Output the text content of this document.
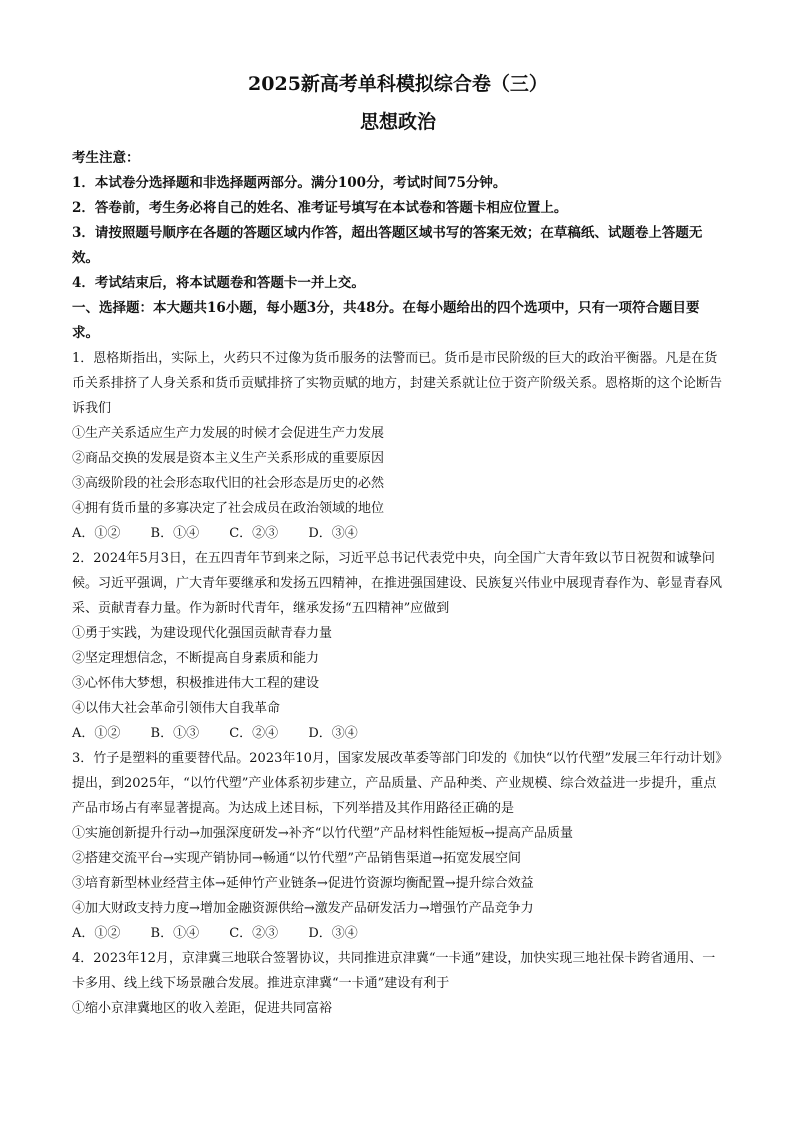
2025新高考单科模拟综合卷（三）
思想政治
考生注意：
1．本试卷分选择题和非选择题两部分。满分100分，考试时间75分钟。
2．答卷前，考生务必将自己的姓名、准考证号填写在本试卷和答题卡相应位置上。
3．请按照题号顺序在各题的答题区域内作答，超出答题区域书写的答案无效；在草稿纸、试题卷上答题无效。
4．考试结束后，将本试题卷和答题卡一并上交。
一、选择题：本大题共16小题，每小题3分，共48分。在每小题给出的四个选项中，只有一项符合题目要求。
1．恩格斯指出，实际上，火药只不过像为货币服务的法警而已。货币是市民阶级的巨大的政治平衡器。凡是在货币关系排挤了人身关系和货币贡赋排挤了实物贡赋的地方，封建关系就让位于资产阶级关系。恩格斯的这个论断告诉我们
①生产关系适应生产力发展的时候才会促进生产力发展
②商品交换的发展是资本主义生产关系形成的重要原因
③高级阶段的社会形态取代旧的社会形态是历史的必然
④拥有货币量的多寡决定了社会成员在政治领域的地位
A．①② B．①④ C．②③ D．③④
2．2024年5月3日，在五四青年节到来之际，习近平总书记代表党中央，向全国广大青年致以节日祝贺和诚挚问候。习近平强调，广大青年要继承和发扬五四精神，在推进强国建设、民族复兴伟业中展现青春作为、彰显青春风采、贡献青春力量。作为新时代青年，继承发扬“五四精神”应做到
①勇于实践，为建设现代化强国贡献青春力量
②坚定理想信念，不断提高自身素质和能力
③心怀伟大梦想，积极推进伟大工程的建设
④以伟大社会革命引领伟大自我革命
A．①② B．①③ C．②④ D．③④
3．竹子是塑料的重要替代品。2023年10月，国家发展改革委等部门印发的《加快“以竹代塑”发展三年行动计划》提出，到2025年，“以竹代塑”产业体系初步建立，产品质量、产品种类、产业规模、综合效益进一步提升，重点产品市场占有率显著提高。为达成上述目标，下列举措及其作用路径正确的是
①实施创新提升行动→加强深度研发→补齐“以竹代塑”产品材料性能短板→提高产品质量
②搭建交流平台→实现产销协同→畅通“以竹代塑”产品销售渠道→拓宽发展空间
③培育新型林业经营主体→延伸竹产业链条→促进竹资源均衡配置→提升综合效益
④加大财政支持力度→增加金融资源供给→激发产品研发活力→增强竹产品竞争力
A．①② B．①④ C．②③ D．③④
4．2023年12月，京津冀三地联合签署协议，共同推进京津冀“一卡通”建设，加快实现三地社保卡跨省通用、一卡多用、线上线下场景融合发展。推进京津冀“一卡通”建设有利于
①缩小京津冀地区的收入差距，促进共同富裕
